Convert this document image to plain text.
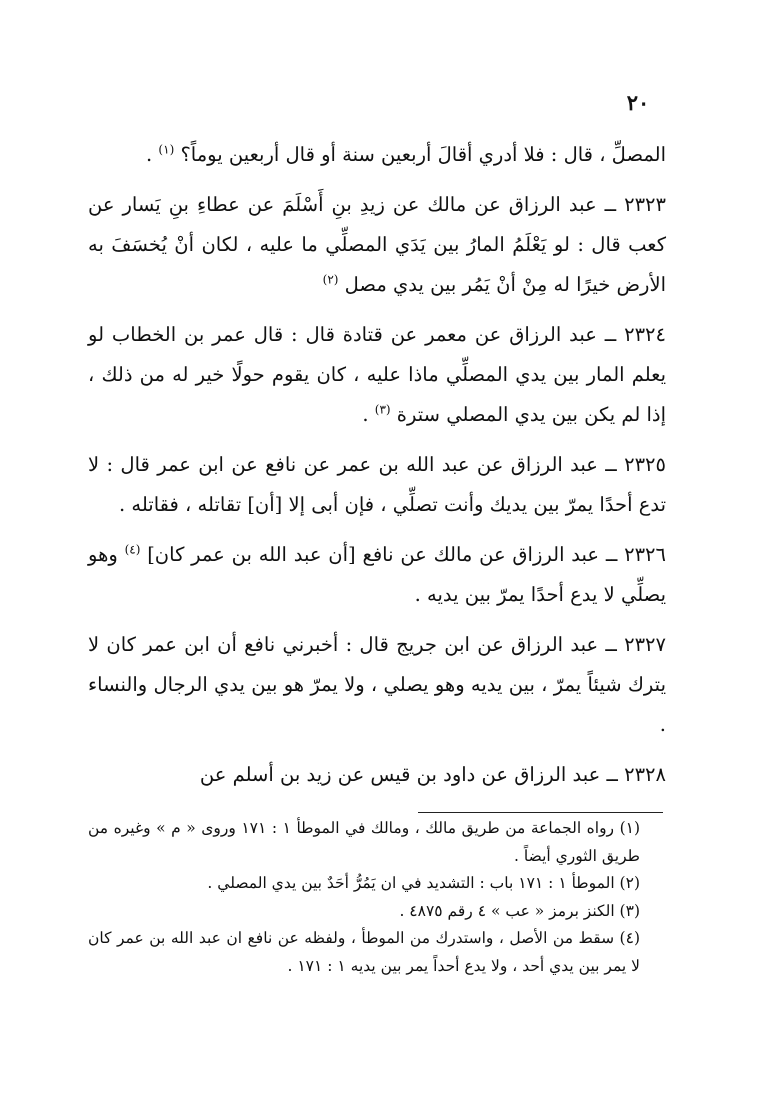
٢٠

المصلِّ ، قال : فلا أدري أقالَ أربعين سنة أو قال أربعين يوماً؟ $^{(١)}$ .

٢٣٢٣ ــ عبد الرزاق عن مالك عن زيدِ بنِ أَسْلَمَ عن عطاءِ بنِ يَسار عن كعب قال : لو يَعْلَمُ المارُ بين يَدَي المصلِّي ما عليه ، لكان أنْ يُخسَفَ به الأرض خيرًا له مِنْ أنْ يَمُر بين يدي مصل $^{(٢)}$

٢٣٢٤ ــ عبد الرزاق عن معمر عن قتادة قال : قال عمر بن الخطاب لو يعلم المار بين يدي المصلِّي ماذا عليه ، كان يقوم حولًا خير له من ذلك ، إذا لم يكن بين يدي المصلي سترة $^{(٣)}$ .

٢٣٢٥ ــ عبد الرزاق عن عبد الله بن عمر عن نافع عن ابن عمر قال : لا تدع أحدًا يمرّ بين يديك وأنت تصلِّي ، فإن أبى إلا [أن] تقاتله ، فقاتله .

٢٣٢٦ ــ عبد الرزاق عن مالك عن نافع [أن عبد الله بن عمر كان] $^{(٤)}$ وهو يصلِّي لا يدع أحدًا يمرّ بين يديه .

٢٣٢٧ ــ عبد الرزاق عن ابن جريج قال : أخبرني نافع أن ابن عمر كان لا يترك شيئاً يمرّ ، بين يديه وهو يصلي ، ولا يمرّ هو بين يدي الرجال والنساء .

٢٣٢٨ ــ عبد الرزاق عن داود بن قيس عن زيد بن أسلم عن

(١) رواه الجماعة من طريق مالك ، ومالك في الموطأ ١ : ١٧١ وروى « م » وغيره من طريق الثوري أيضاً .

(٢) الموطأ ١ : ١٧١ باب : التشديد في ان يَمُرُّ أحَدٌ بين يدي المصلي .

(٣) الكنز برمز « عب » ٤ رقم ٤٨٧٥ .

(٤) سقط من الأصل ، واستدرك من الموطأ ، ولفظه عن نافع ان عبد الله بن عمر كان لا يمر بين يدي أحد ، ولا يدع أحداً يمر بين يديه ١ : ١٧١ .
